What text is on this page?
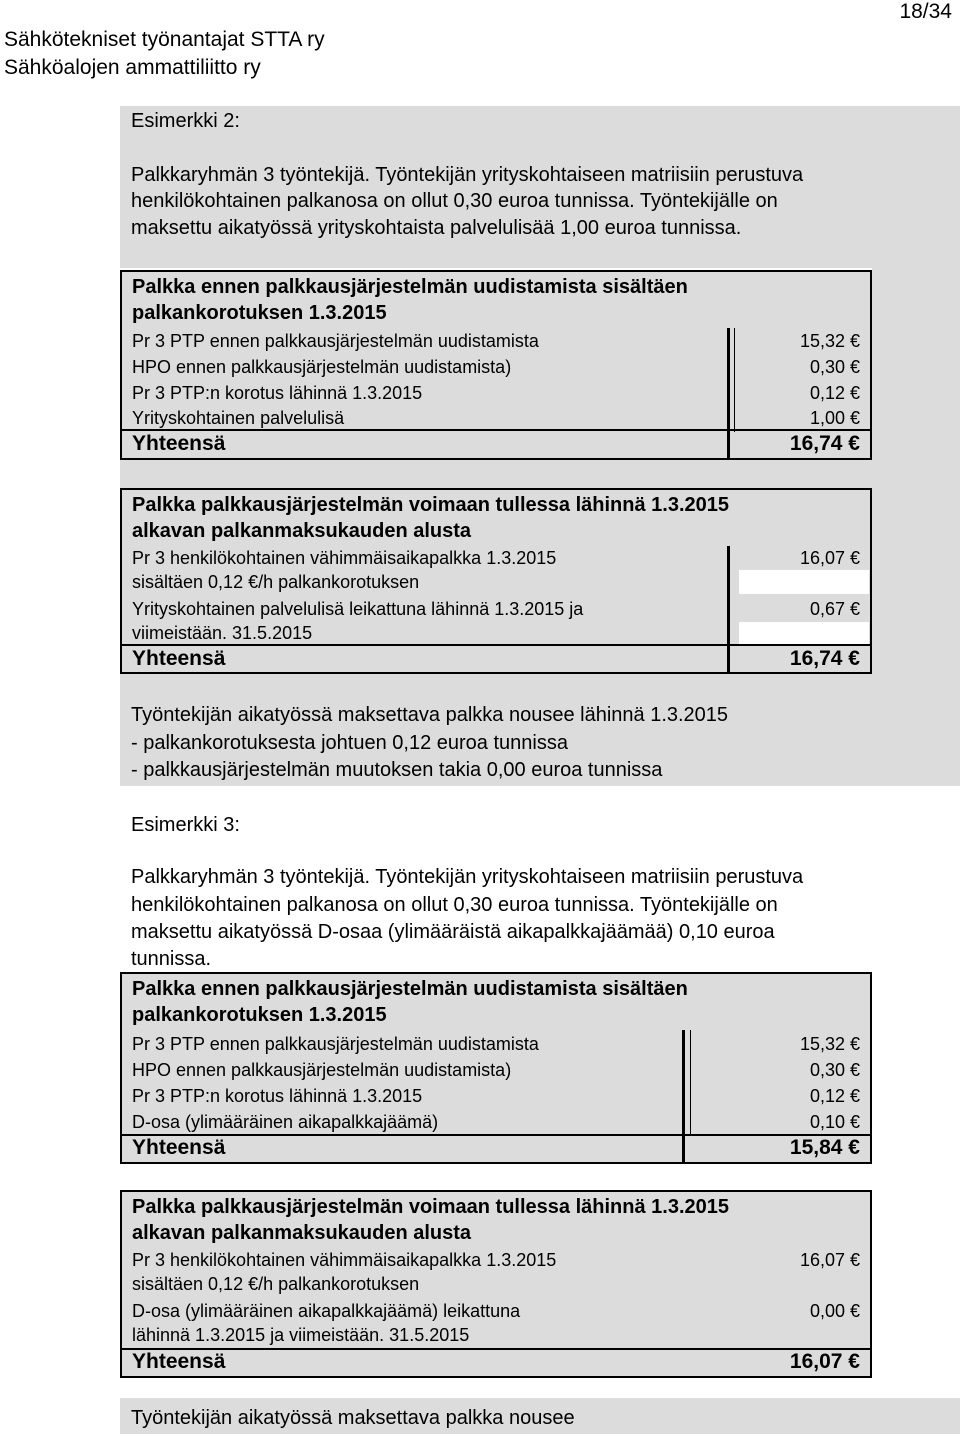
Sähkötekniset työnantajat STTA ry
Sähköalojen ammattiliitto ry
18/34
Esimerkki 2:
Palkkaryhmän 3 työntekijä. Työntekijän yrityskohtaiseen matriisiin perustuva
henkilökohtainen palkanosa on ollut 0,30 euroa tunnissa. Työntekijälle on
maksettu aikatyössä yrityskohtaista palvelulisää 1,00 euroa tunnissa.
Palkka ennen palkkausjärjestelmän uudistamista sisältäen
palkankorotuksen 1.3.2015
Pr 3 PTP ennen palkkausjärjestelmän uudistamista	15,32 €
HPO ennen palkkausjärjestelmän uudistamista)	0,30 €
Pr 3 PTP:n korotus lähinnä 1.3.2015	0,12 €
Yrityskohtainen palvelulisä	1,00 €
Yhteensä	16,74 €
Palkka palkkausjärjestelmän voimaan tullessa lähinnä 1.3.2015
alkavan palkanmaksukauden alusta
Pr 3 henkilökohtainen vähimmäisaikapalkka 1.3.2015	16,07 €
sisältäen 0,12 €/h palkankorotuksen
Yrityskohtainen palvelulisä leikattuna lähinnä 1.3.2015 ja	0,67 €
viimeistään. 31.5.2015
Yhteensä	16,74 €
Työntekijän aikatyössä maksettava palkka nousee lähinnä 1.3.2015
- palkankorotuksesta johtuen 0,12 euroa tunnissa
- palkkausjärjestelmän muutoksen takia 0,00 euroa tunnissa
Esimerkki 3:
Palkkaryhmän 3 työntekijä. Työntekijän yrityskohtaiseen matriisiin perustuva
henkilökohtainen palkanosa on ollut 0,30 euroa tunnissa. Työntekijälle on
maksettu aikatyössä D-osaa (ylimääräistä aikapalkkajäämää) 0,10 euroa
tunnissa.
Palkka ennen palkkausjärjestelmän uudistamista sisältäen
palkankorotuksen 1.3.2015
Pr 3 PTP ennen palkkausjärjestelmän uudistamista	15,32 €
HPO ennen palkkausjärjestelmän uudistamista)	0,30 €
Pr 3 PTP:n korotus lähinnä 1.3.2015	0,12 €
D-osa (ylimääräinen aikapalkkajäämä)	0,10 €
Yhteensä	15,84 €
Palkka palkkausjärjestelmän voimaan tullessa lähinnä 1.3.2015
alkavan palkanmaksukauden alusta
Pr 3 henkilökohtainen vähimmäisaikapalkka 1.3.2015	16,07 €
sisältäen 0,12 €/h palkankorotuksen
D-osa (ylimääräinen aikapalkkajäämä) leikattuna	0,00 €
lähinnä 1.3.2015 ja viimeistään. 31.5.2015
Yhteensä	16,07 €
Työntekijän aikatyössä maksettava palkka nousee
